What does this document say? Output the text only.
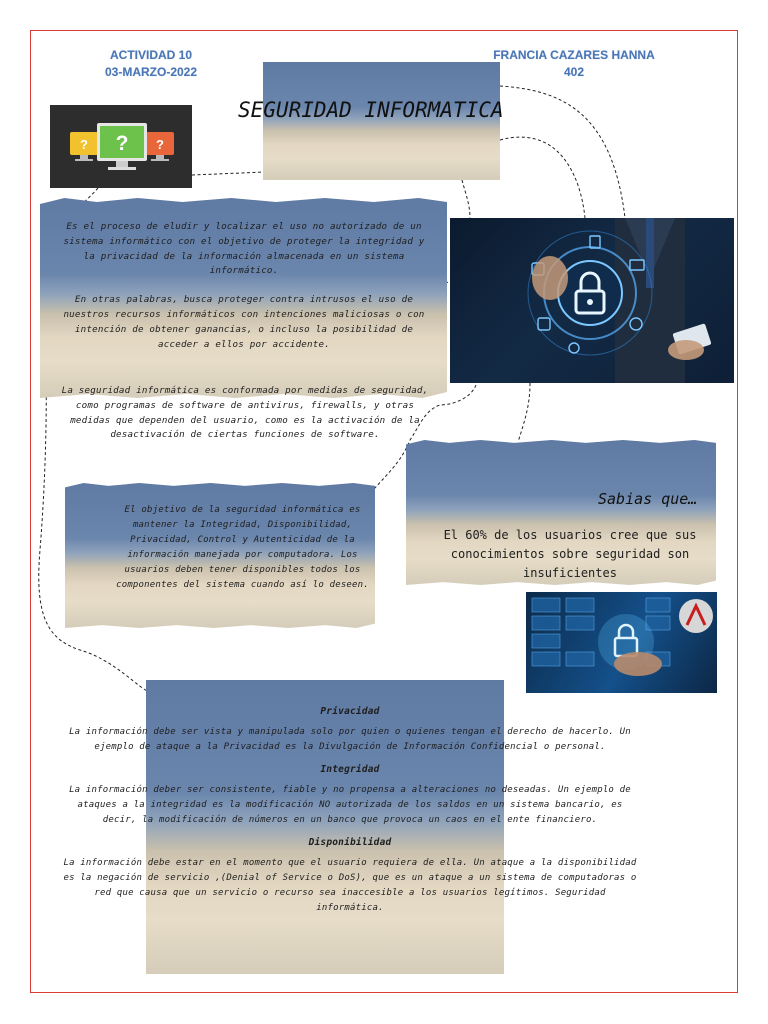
ACTIVIDAD 10
03-MARZO-2022
FRANCIA CAZARES HANNA
402
?	?
?
SEGURIDAD INFORMATICA

Es el proceso de eludir y localizar el uso no autorizado de un sistema informático con el objetivo de proteger la integridad y la privacidad de la información almacenada en un sistema informático.

En otras palabras, busca proteger contra intrusos el uso de nuestros recursos informáticos con intenciones maliciosas o con intención de obtener ganancias, o incluso la posibilidad de acceder a ellos por accidente.

La seguridad informática es conformada por medidas de seguridad, como programas de software de antivirus, firewalls, y otras medidas que dependen del usuario, como es la activación de la desactivación de ciertas funciones de software.

Sabias que…
El 60% de los usuarios cree que sus conocimientos sobre seguridad son insuficientes
El objetivo de la seguridad informática es mantener la Integridad, Disponibilidad, Privacidad, Control y Autenticidad de la información manejada por computadora. Los usuarios deben tener disponibles todos los componentes del sistema cuando así lo deseen.

Privacidad

La información debe ser vista y manipulada solo por quien o quienes tengan el derecho de hacerlo. Un ejemplo de ataque a la Privacidad es la Divulgación de Información Confidencial o personal.

Integridad

La información deber ser consistente, fiable y no propensa a alteraciones no deseadas. Un ejemplo de ataques a la integridad es la modificación NO autorizada de los saldos en un sistema bancario, es decir, la modificación de números en un banco que provoca un caos en el ente financiero.

Disponibilidad

La información debe estar en el momento que el usuario requiera de ella. Un ataque a la disponibilidad es la negación de servicio ,(Denial of Service o DoS), que es un ataque a un sistema de computadoras o red que causa que un servicio o recurso sea inaccesible a los usuarios legítimos. Seguridad informática.
